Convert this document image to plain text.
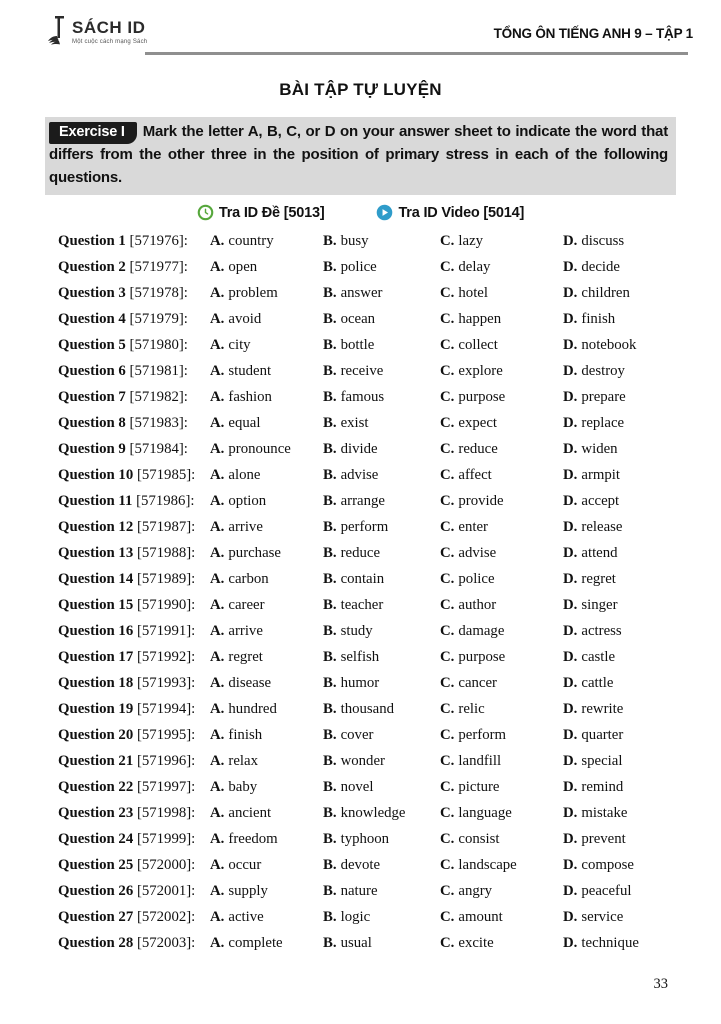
SÁCH ID
Một cuộc cách mạng Sách
TỔNG ÔN TIẾNG ANH 9 – TẬP 1
BÀI TẬP TỰ LUYỆN
Exercise I Mark the letter A, B, C, or D on your answer sheet to indicate the word that differs from the other three in the position of primary stress in each of the following questions.
Tra ID Đề [5013]	Tra ID Video [5014]
Question 1 [571976]:	A. country	B. busy	C. lazy	D. discuss
Question 2 [571977]:	A. open	B. police	C. delay	D. decide
Question 3 [571978]:	A. problem	B. answer	C. hotel	D. children
Question 4 [571979]:	A. avoid	B. ocean	C. happen	D. finish
Question 5 [571980]:	A. city	B. bottle	C. collect	D. notebook
Question 6 [571981]:	A. student	B. receive	C. explore	D. destroy
Question 7 [571982]:	A. fashion	B. famous	C. purpose	D. prepare
Question 8 [571983]:	A. equal	B. exist	C. expect	D. replace
Question 9 [571984]:	A. pronounce	B. divide	C. reduce	D. widen
Question 10 [571985]: A. alone	B. advise	C. affect	D. armpit
Question 11 [571986]:	A. option	B. arrange	C. provide	D. accept
Question 12 [571987]: A. arrive	B. perform	C. enter	D. release
Question 13 [571988]: A. purchase	B. reduce	C. advise	D. attend
Question 14 [571989]: A. carbon	B. contain	C. police	D. regret
Question 15 [571990]: A. career	B. teacher	C. author	D. singer
Question 16 [571991]: A. arrive	B. study	C. damage	D. actress
Question 17 [571992]: A. regret	B. selfish	C. purpose	D. castle
Question 18 [571993]: A. disease	B. humor	C. cancer	D. cattle
Question 19 [571994]: A. hundred	B. thousand	C. relic	D. rewrite
Question 20 [571995]: A. finish	B. cover	C. perform	D. quarter
Question 21 [571996]: A. relax	B. wonder	C. landfill	D. special
Question 22 [571997]: A. baby	B. novel	C. picture	D. remind
Question 23 [571998]: A. ancient	B. knowledge	C. language	D. mistake
Question 24 [571999]: A. freedom	B. typhoon	C. consist	D. prevent
Question 25 [572000]: A. occur	B. devote	C. landscape	D. compose
Question 26 [572001]: A. supply	B. nature	C. angry	D. peaceful
Question 27 [572002]: A. active	B. logic	C. amount	D. service
Question 28 [572003]: A. complete	B. usual	C. excite	D. technique
33
